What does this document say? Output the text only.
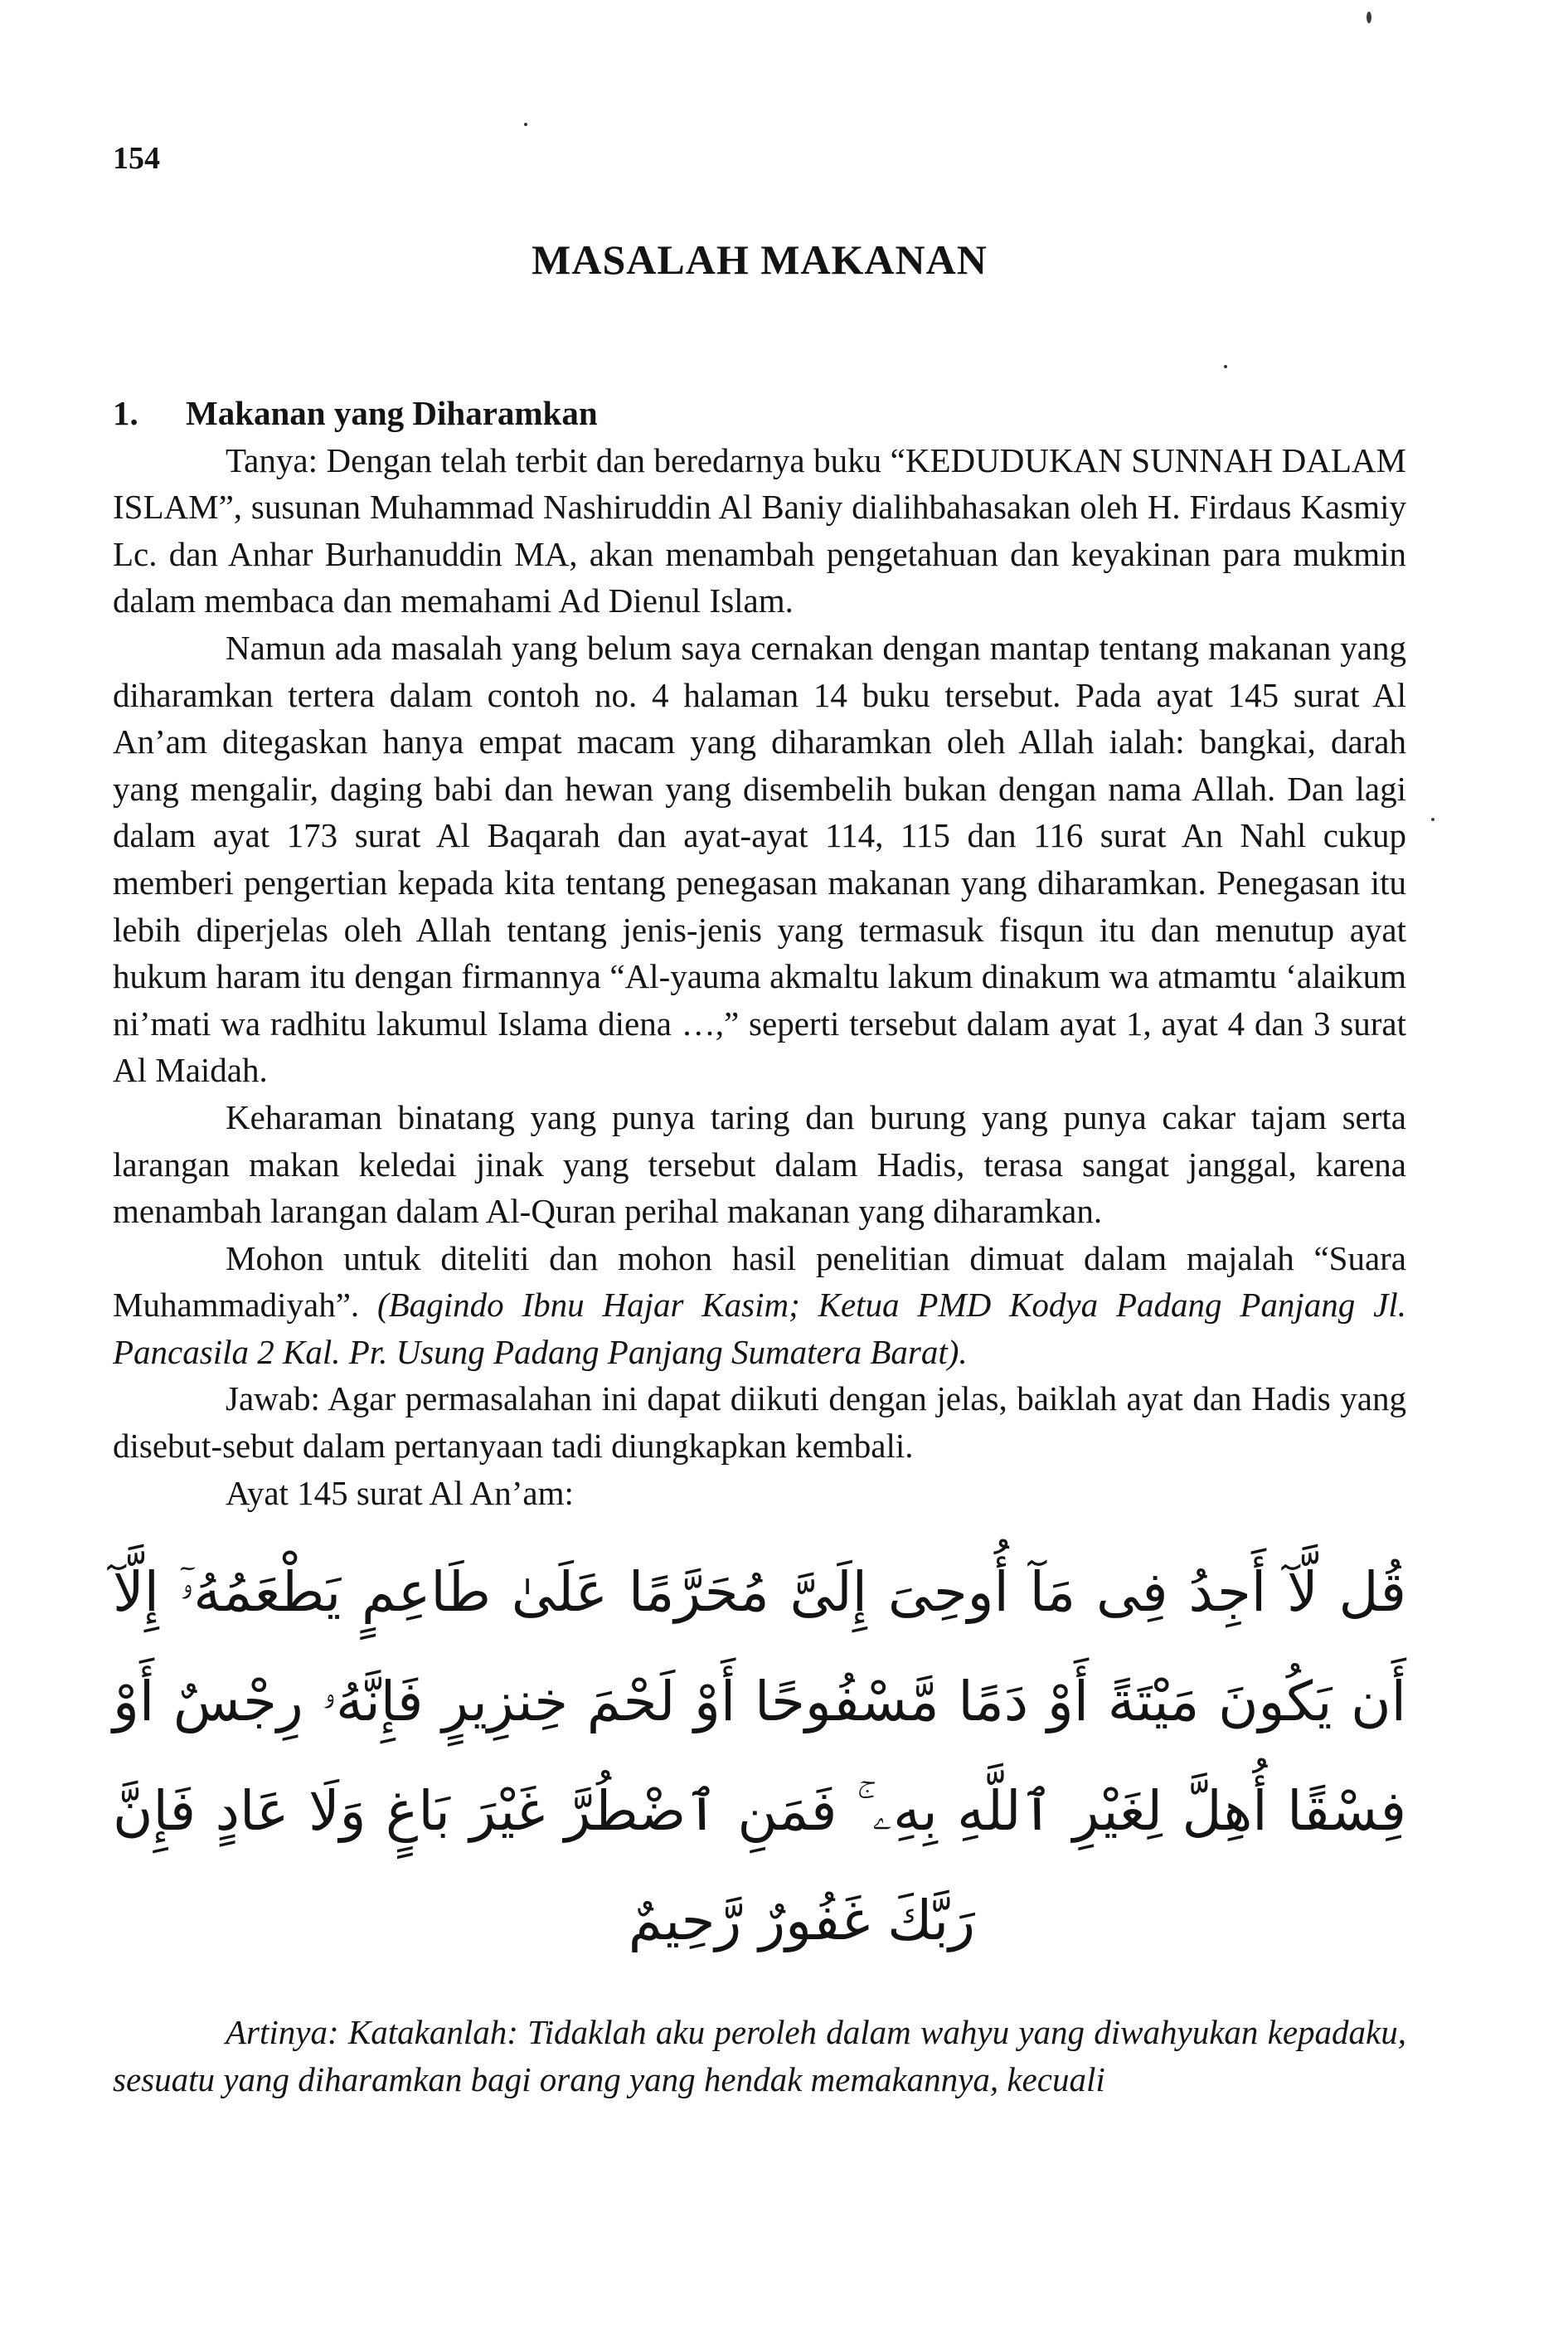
154
MASALAH MAKANAN

1. Makanan yang Diharamkan

Tanya: Dengan telah terbit dan beredarnya buku “KEDUDUKAN SUNNAH DALAM ISLAM”, susunan Muhammad Nashiruddin Al Baniy dialihbahasakan oleh H. Firdaus Kasmiy Lc. dan Anhar Burhanuddin MA, akan menambah pengetahuan dan keyakinan para mukmin dalam membaca dan memahami Ad Dienul Islam.

Namun ada masalah yang belum saya cernakan dengan mantap tentang makanan yang diharamkan tertera dalam contoh no. 4 halaman 14 buku tersebut. Pada ayat 145 surat Al An’am ditegaskan hanya empat macam yang diharamkan oleh Allah ialah: bangkai, darah yang mengalir, daging babi dan hewan yang disembelih bukan dengan nama Allah. Dan lagi dalam ayat 173 surat Al Baqarah dan ayat-ayat 114, 115 dan 116 surat An Nahl cukup memberi pengertian kepada kita tentang penegasan makanan yang diharamkan. Penegasan itu lebih diperjelas oleh Allah tentang jenis-jenis yang termasuk fisqun itu dan menutup ayat hukum haram itu dengan firmannya “Al-yauma akmaltu lakum dinakum wa atmamtu ‘alaikum ni’mati wa radhitu lakumul Islama diena …,” seperti tersebut dalam ayat 1, ayat 4 dan 3 surat Al Maidah.

Keharaman binatang yang punya taring dan burung yang punya cakar tajam serta larangan makan keledai jinak yang tersebut dalam Hadis, terasa sangat janggal, karena menambah larangan dalam Al-Quran perihal makanan yang diharamkan.

Mohon untuk diteliti dan mohon hasil penelitian dimuat dalam majalah “Suara Muhammadiyah”. (Bagindo Ibnu Hajar Kasim; Ketua PMD Kodya Padang Panjang Jl. Pancasila 2 Kal. Pr. Usung Padang Panjang Sumatera Barat).

Jawab: Agar permasalahan ini dapat diikuti dengan jelas, baiklah ayat dan Hadis yang disebut-sebut dalam pertanyaan tadi diungkapkan kembali.

Ayat 145 surat Al An’am:

قُل لَّآ أَجِدُ فِى مَآ أُوحِىَ إِلَىَّ مُحَرَّمًا عَلَىٰ طَاعِمٍ يَطْعَمُهُۥٓ إِلَّآ أَن يَكُونَ مَيْتَةً أَوْ دَمًا مَّسْفُوحًا أَوْ لَحْمَ خِنزِيرٍ فَإِنَّهُۥ رِجْسٌ أَوْ فِسْقًا أُهِلَّ لِغَيْرِ ٱللَّهِ بِهِۦ ۚ فَمَنِ ٱضْطُرَّ غَيْرَ بَاغٍ وَلَا عَادٍ فَإِنَّ
رَبَّكَ غَفُورٌ رَّحِيمٌ

Artinya: Katakanlah: Tidaklah aku peroleh dalam wahyu yang diwahyukan kepadaku, sesuatu yang diharamkan bagi orang yang hendak memakannya, kecuali
